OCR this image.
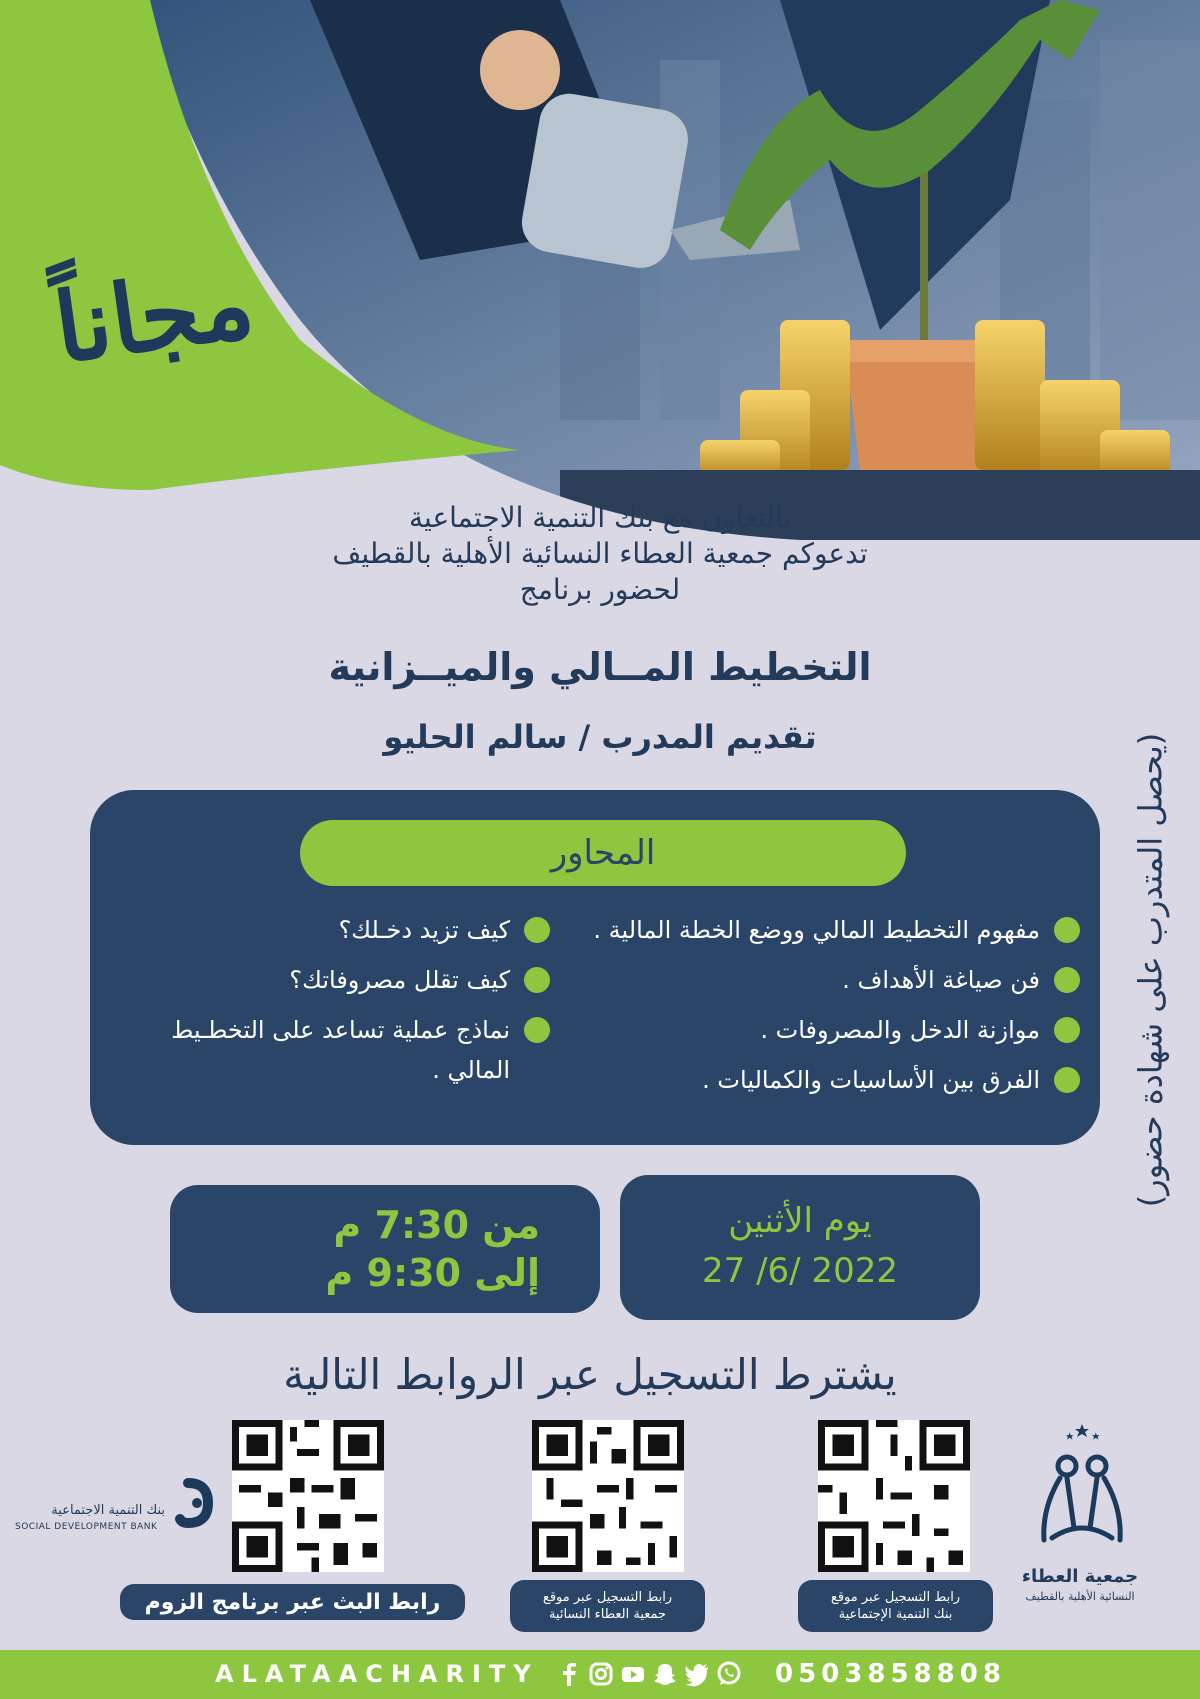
مجاناً
بالتعاون مع بنك التنمية الاجتماعية
تدعوكم جمعية العطاء النسائية الأهلية بالقطيف
لحضور برنامج
التخطيط المــالي والميــزانية
تقديم المدرب / سالم الحليو	(يحصل المتدرب على شهادة حضور)
المحاور
مفهوم التخطيط المالي ووضع الخطة المالية .
فن صياغة الأهداف .
موازنة الدخل والمصروفات .
الفرق بين الأساسيات والكماليات .
كيف تزيد دخـلك؟
كيف تقلل مصروفاتك؟
نماذج عملية تساعد على التخطـيط المالي .
من 7:30 م
إلى 9:30 م
يوم الأثنين
27 /6/ 2022
يشترط التسجيل عبر الروابط التالية
رابط البث عبر برنامج الزوم	رابط التسجيل عبر موقع
جمعية العطاء النسائية
رابط التسجيل عبر موقع
بنك التنمية الإجتماعية
بنك التنمية الاجتماعية
SOCIAL DEVELOPMENT BANK
جمعية العطاء
النسائية الأهلية بالقطيف
ALATAACHARITY	0503858808
